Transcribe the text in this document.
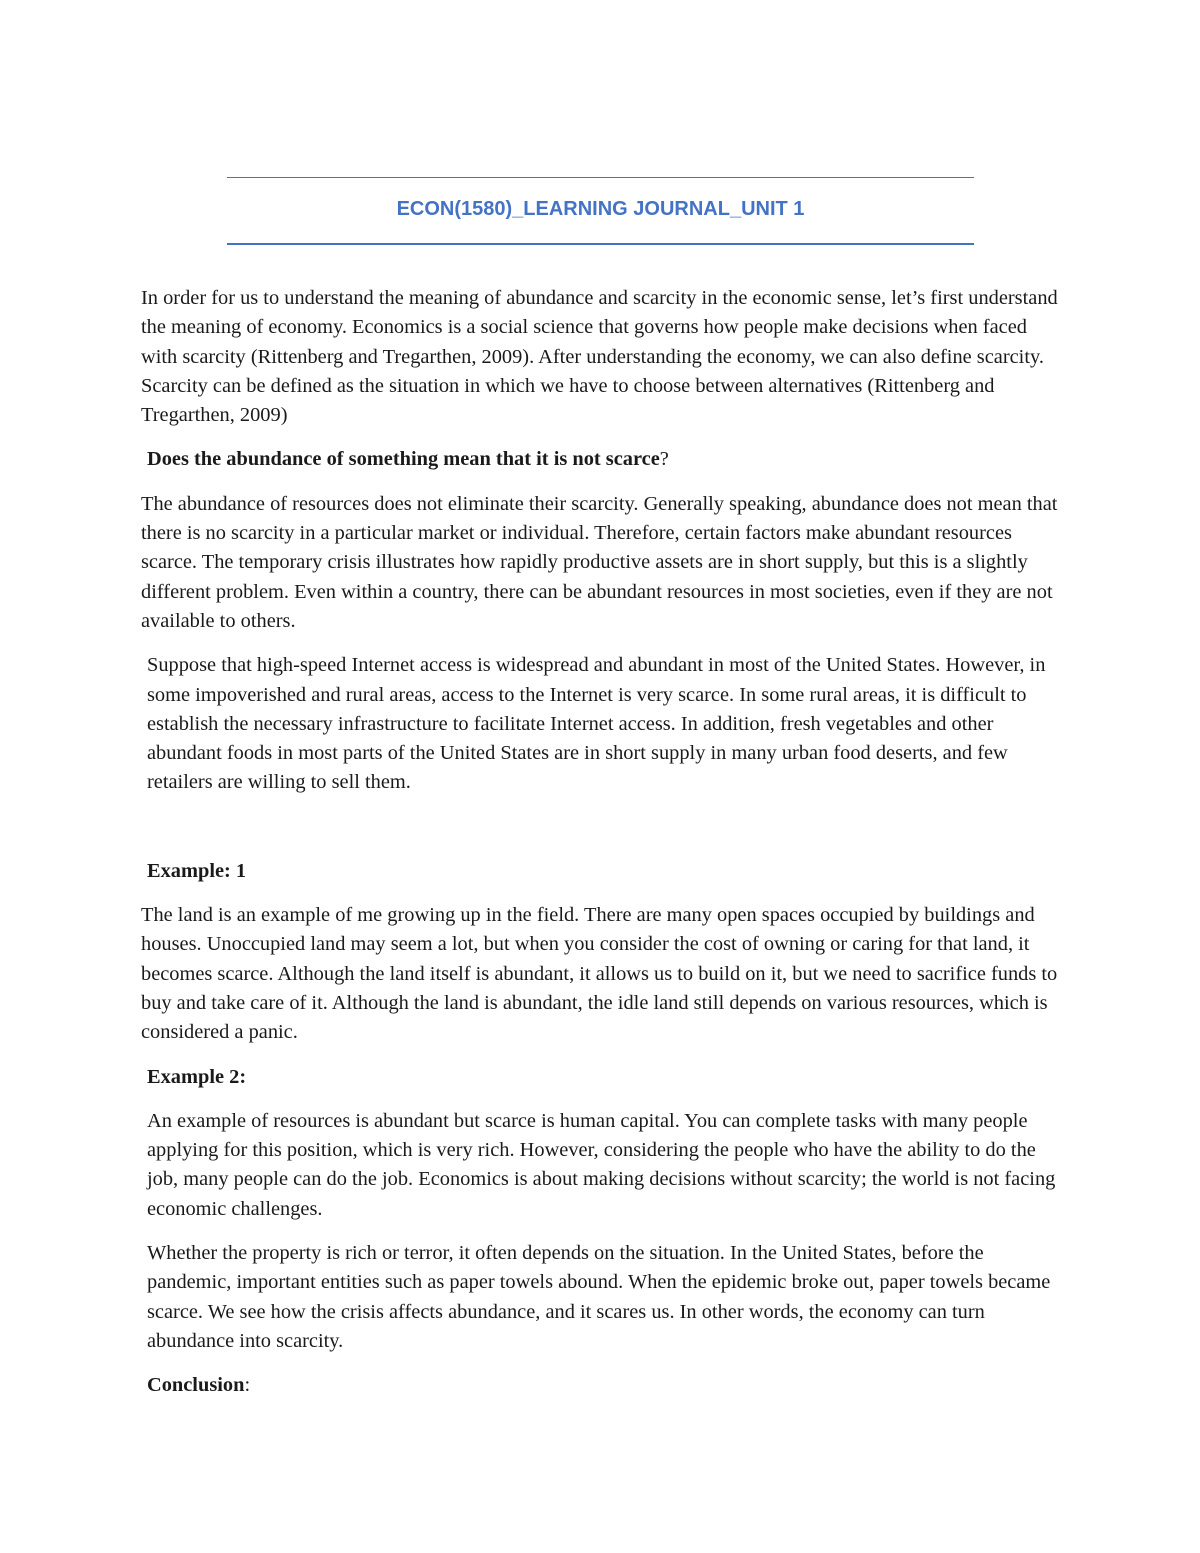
ECON(1580)_LEARNING JOURNAL_UNIT 1

In order for us to understand the meaning of abundance and scarcity in the economic sense, let’s first understand the meaning of economy. Economics is a social science that governs how people make decisions when faced with scarcity (Rittenberg and Tregarthen, 2009). After understanding the economy, we can also define scarcity. Scarcity can be defined as the situation in which we have to choose between alternatives (Rittenberg and Tregarthen, 2009)

Does the abundance of something mean that it is not scarce?

The abundance of resources does not eliminate their scarcity. Generally speaking, abundance does not mean that there is no scarcity in a particular market or individual. Therefore, certain factors make abundant resources scarce. The temporary crisis illustrates how rapidly productive assets are in short supply, but this is a slightly different problem. Even within a country, there can be abundant resources in most societies, even if they are not available to others.

Suppose that high-speed Internet access is widespread and abundant in most of the United States. However, in some impoverished and rural areas, access to the Internet is very scarce. In some rural areas, it is difficult to establish the necessary infrastructure to facilitate Internet access. In addition, fresh vegetables and other abundant foods in most parts of the United States are in short supply in many urban food deserts, and few retailers are willing to sell them.

Example: 1

The land is an example of me growing up in the field. There are many open spaces occupied by buildings and houses. Unoccupied land may seem a lot, but when you consider the cost of owning or caring for that land, it becomes scarce. Although the land itself is abundant, it allows us to build on it, but we need to sacrifice funds to buy and take care of it. Although the land is abundant, the idle land still depends on various resources, which is considered a panic.

Example 2:

An example of resources is abundant but scarce is human capital. You can complete tasks with many people applying for this position, which is very rich. However, considering the people who have the ability to do the job, many people can do the job. Economics is about making decisions without scarcity; the world is not facing economic challenges.

Whether the property is rich or terror, it often depends on the situation. In the United States, before the pandemic, important entities such as paper towels abound. When the epidemic broke out, paper towels became scarce. We see how the crisis affects abundance, and it scares us. In other words, the economy can turn abundance into scarcity.

Conclusion:
